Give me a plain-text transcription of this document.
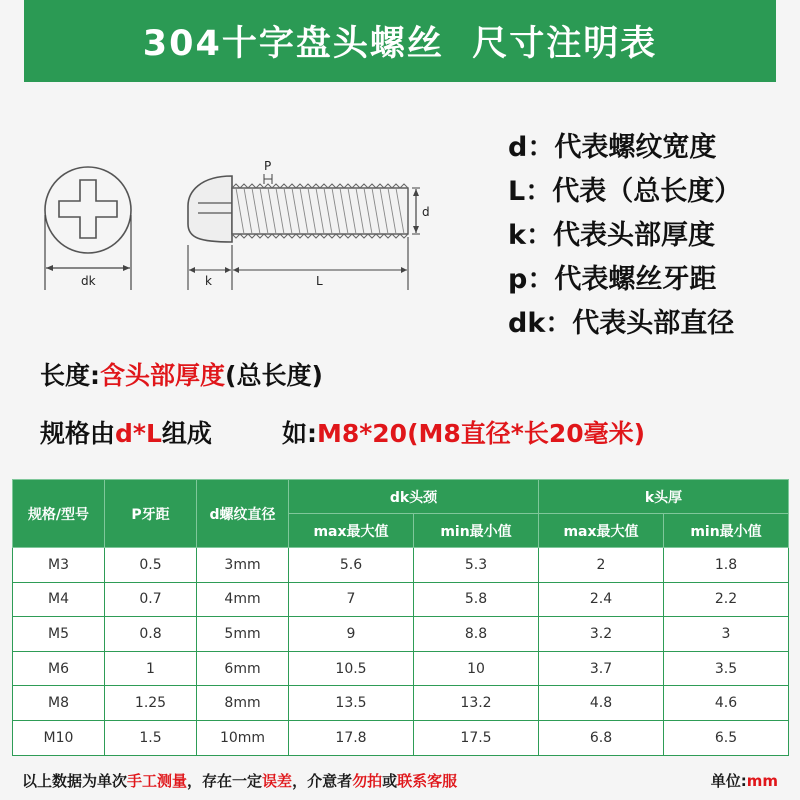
304十字盘头螺丝  尺寸注明表
dk
P
d
k	L
d：代表螺纹宽度
L：代表（总长度）
k：代表头部厚度
p：代表螺丝牙距
dk：代表头部直径
长度:含头部厚度(总长度)
规格由d*L组成	如:M8*20(M8直径*长20毫米)
规格/型号	P牙距	d螺纹直径	dk头颈		k头厚	
			max最大值	min最小值	max最大值	min最小值
M3	0.5	3mm	5.6	5.3	2	1.8
M4	0.7	4mm	7	5.8	2.4	2.2
M5	0.8	5mm	9	8.8	3.2	3
M6	1	6mm	10.5	10	3.7	3.5
M8	1.25	8mm	13.5	13.2	4.8	4.6
M10	1.5	10mm	17.8	17.5	6.8	6.5
以上数据为单次手工测量，存在一定误差，介意者勿拍或联系客服	单位:mm
